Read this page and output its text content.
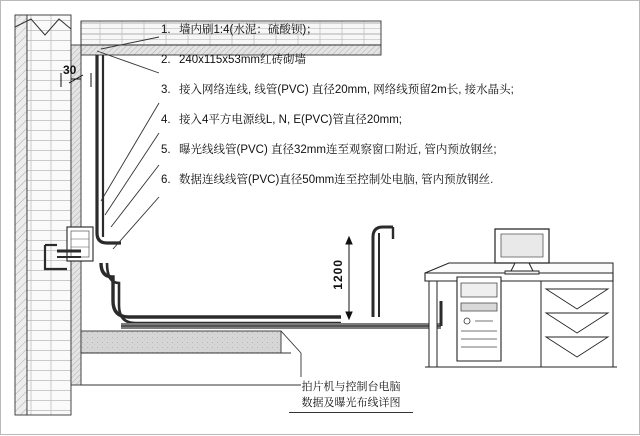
1. 墙内刷1:4(水泥：硫酸钡)；
2. 240x115x53mm红砖砌墙
3. 接入网络连线, 线管(PVC) 直径20mm, 网络线预留2m长, 接水晶头;
4. 接入4平方电源线L, N, E(PVC)管直径20mm;
5. 曝光线线管(PVC) 直径32mm连至观察窗口附近, 管内预放钢丝;
6. 数据连线线管(PVC)直径50mm连至控制处电脑, 管内预放钢丝.
30
1200
拍片机与控制台电脑
数据及曝光布线详图
